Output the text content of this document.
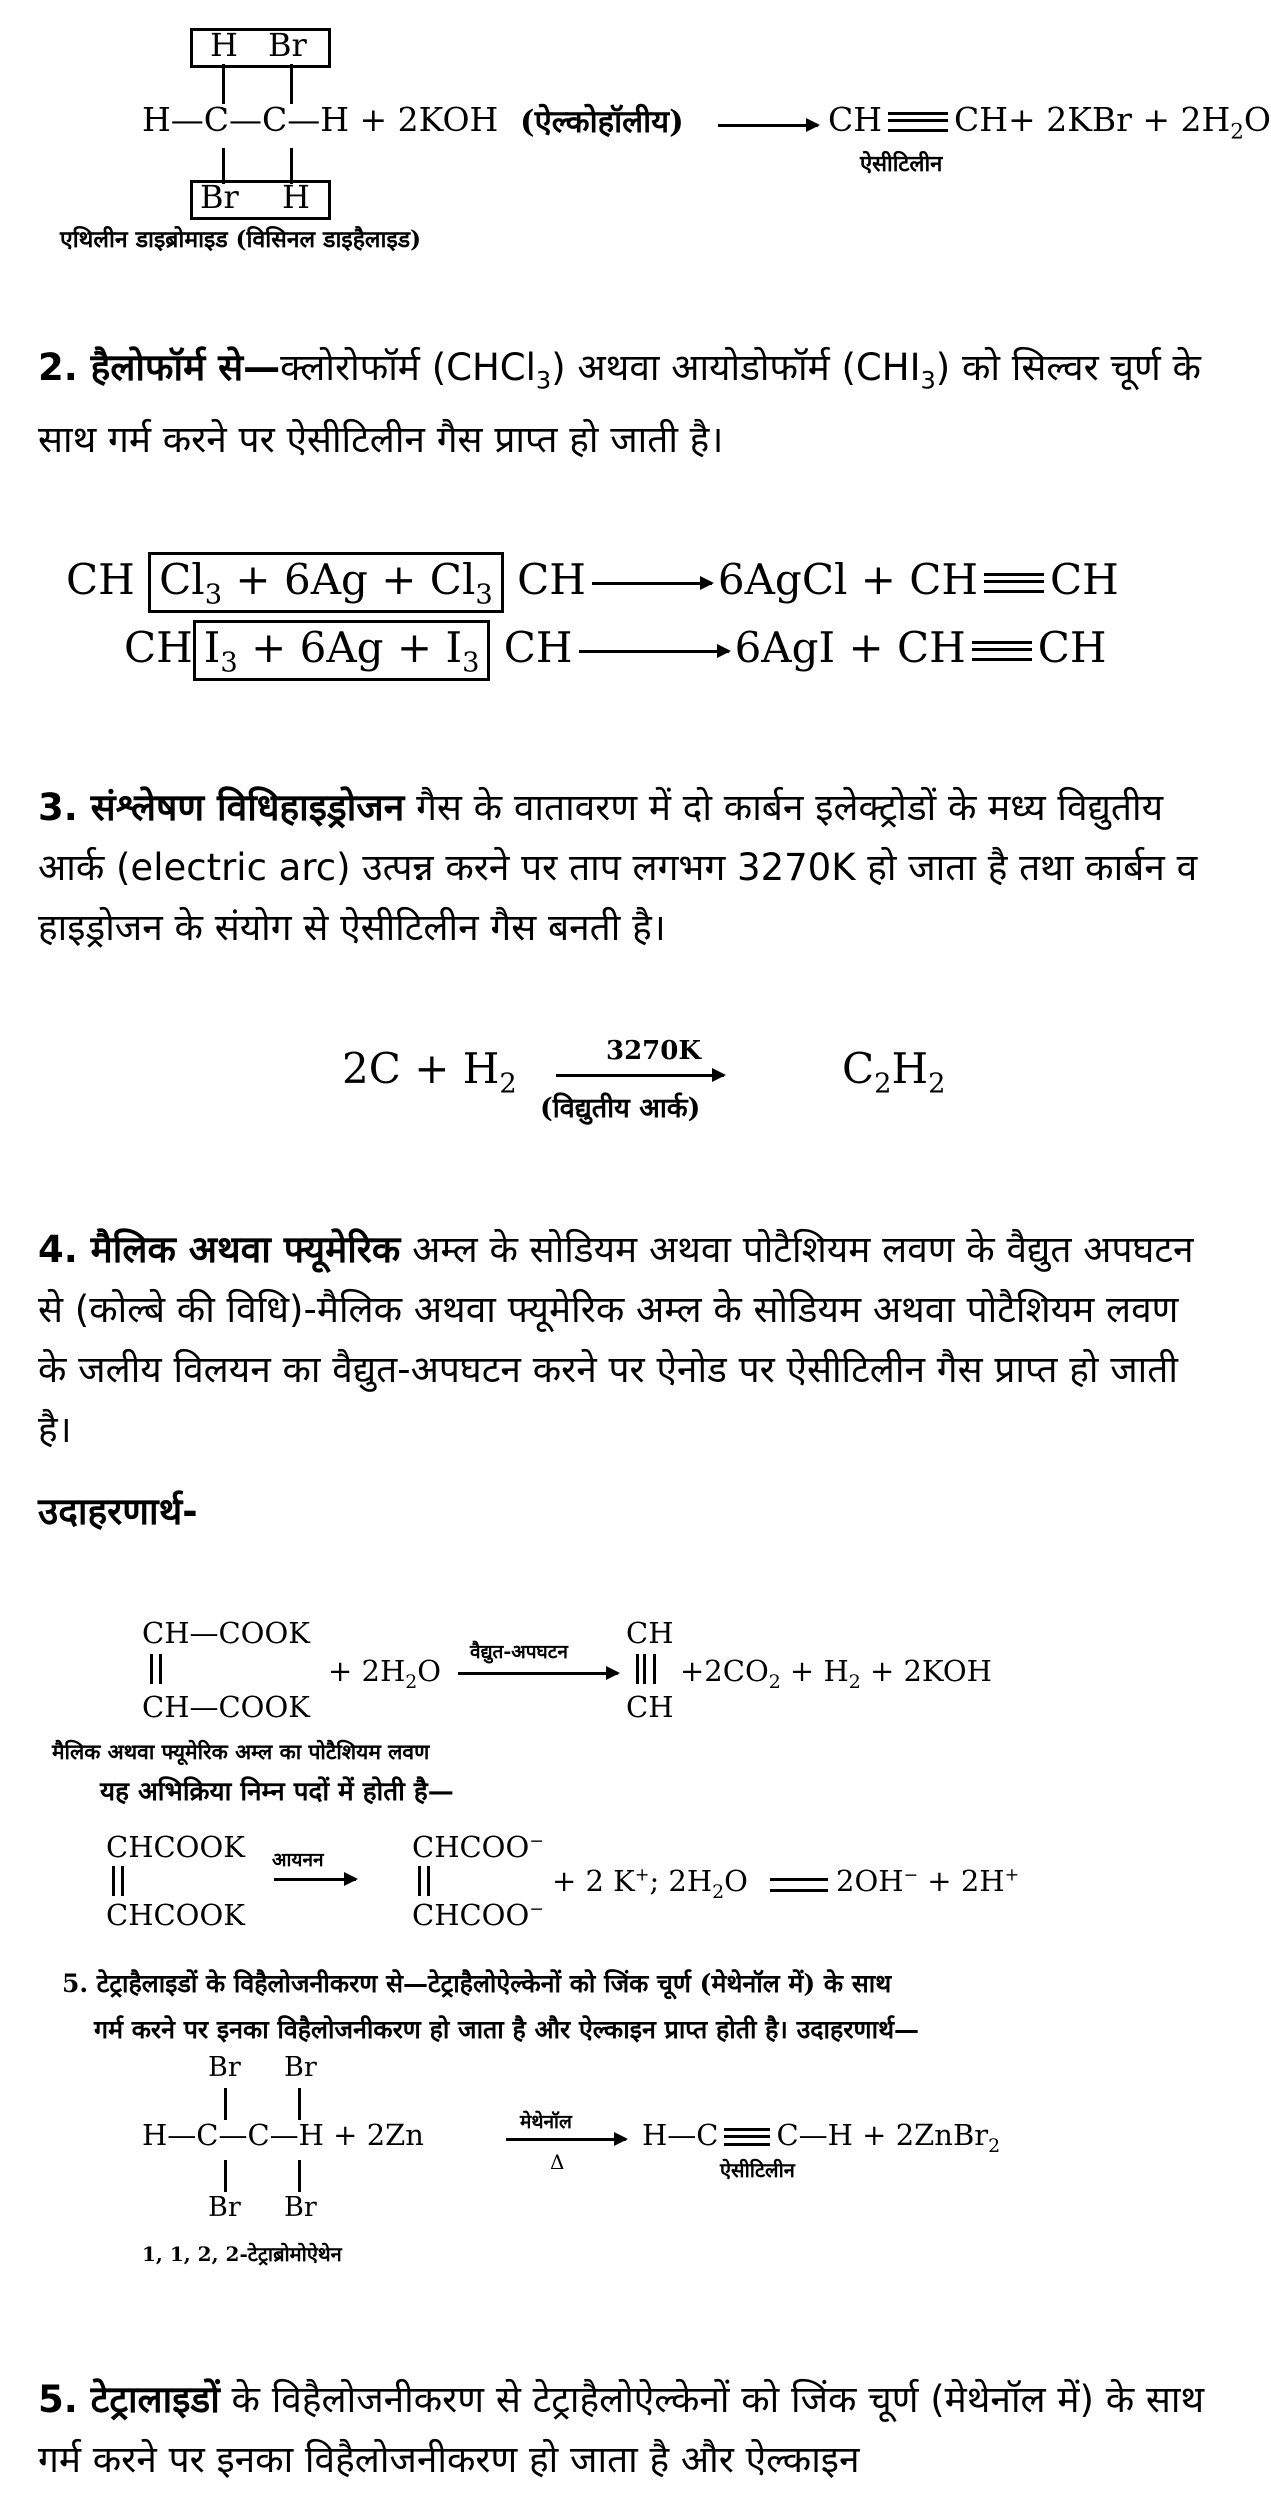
H Br
H—C—C—H + 2KOH (ऐल्कोहॉलीय)	CH $CH+ 2KBr + 2H_2O$
ऐसीटिलीन
Br H
एथिलीन डाइब्रोमाइड (विसिनल डाइहैलाइड)

2. हैलोफॉर्म से—क्लोरोफॉर्म (CHCl$_3$) अथवा आयोडोफॉर्म $(CHI_3)$ को सिल्वर चूर्ण के साथ गर्म करने पर ऐसीटिलीन गैस प्राप्त हो जाती है।

CH $Cl_3 + 6Ag + Cl_3$ CH	6AgCl + CH CH
CH $I_3 + 6Ag + I_3$ CH	6AgI + CH CH

3. संश्लेषण विधिहाइड्रोजन गैस के वातावरण में दो कार्बन इलेक्ट्रोडों के मध्य विद्युतीय आर्क (electric arc) उत्पन्न करने पर ताप लगभग 3270K हो जाता है तथा कार्बन व हाइड्रोजन के संयोग से ऐसीटिलीन गैस बनती है।

$2C + H_2$
3270K
(विद्युतीय आर्क)
$C_2H_2$

4. मैलिक अथवा फ्यूमेरिक अम्ल के सोडियम अथवा पोटैशियम लवण के वैद्युत अपघटन से (कोल्बे की विधि)-मैलिक अथवा फ्यूमेरिक अम्ल के सोडियम अथवा पोटैशियम लवण के जलीय विलयन का वैद्युत-अपघटन करने पर ऐनोड पर ऐसीटिलीन गैस प्राप्त हो जाती है।

उदाहरणार्थ-
CH—COOK
CH—COOK
+ $2H_2O$
वैद्युत-अपघटन
CH
CH
$+2CO_2 + H_2 + 2KOH$
मैलिक अथवा फ्यूमेरिक अम्ल का पोटैशियम लवण
यह अभिक्रिया निम्न पदों में होती है—
CHCOOK
CHCOOK
आयनन	CHCOO−
CHCOO−
+ 2 K+; $2H_2O$	2OH− + 2H+
5. टेट्राहैलाइडों के विहैलोजनीकरण से—टेट्राहैलोऐल्केनों को जिंक चूर्ण (मेथेनॉल में) के साथ
गर्म करने पर इनका विहैलोजनीकरण हो जाता है और ऐल्काइन प्राप्त होती है। उदाहरणार्थ—
Br Br
H—C—C—H + 2Zn	मेथेनॉल
Δ
H—C C—H + 2ZnBr$_2$
ऐसीटिलीन
Br Br
1, 1, 2, 2-टेट्राब्रोमोऐथेन

5. टेट्रालाइडों के विहैलोजनीकरण से टेट्राहैलोऐल्केनों को जिंक चूर्ण (मेथेनॉल में) के साथ गर्म करने पर इनका विहैलोजनीकरण हो जाता है और ऐल्काइन
